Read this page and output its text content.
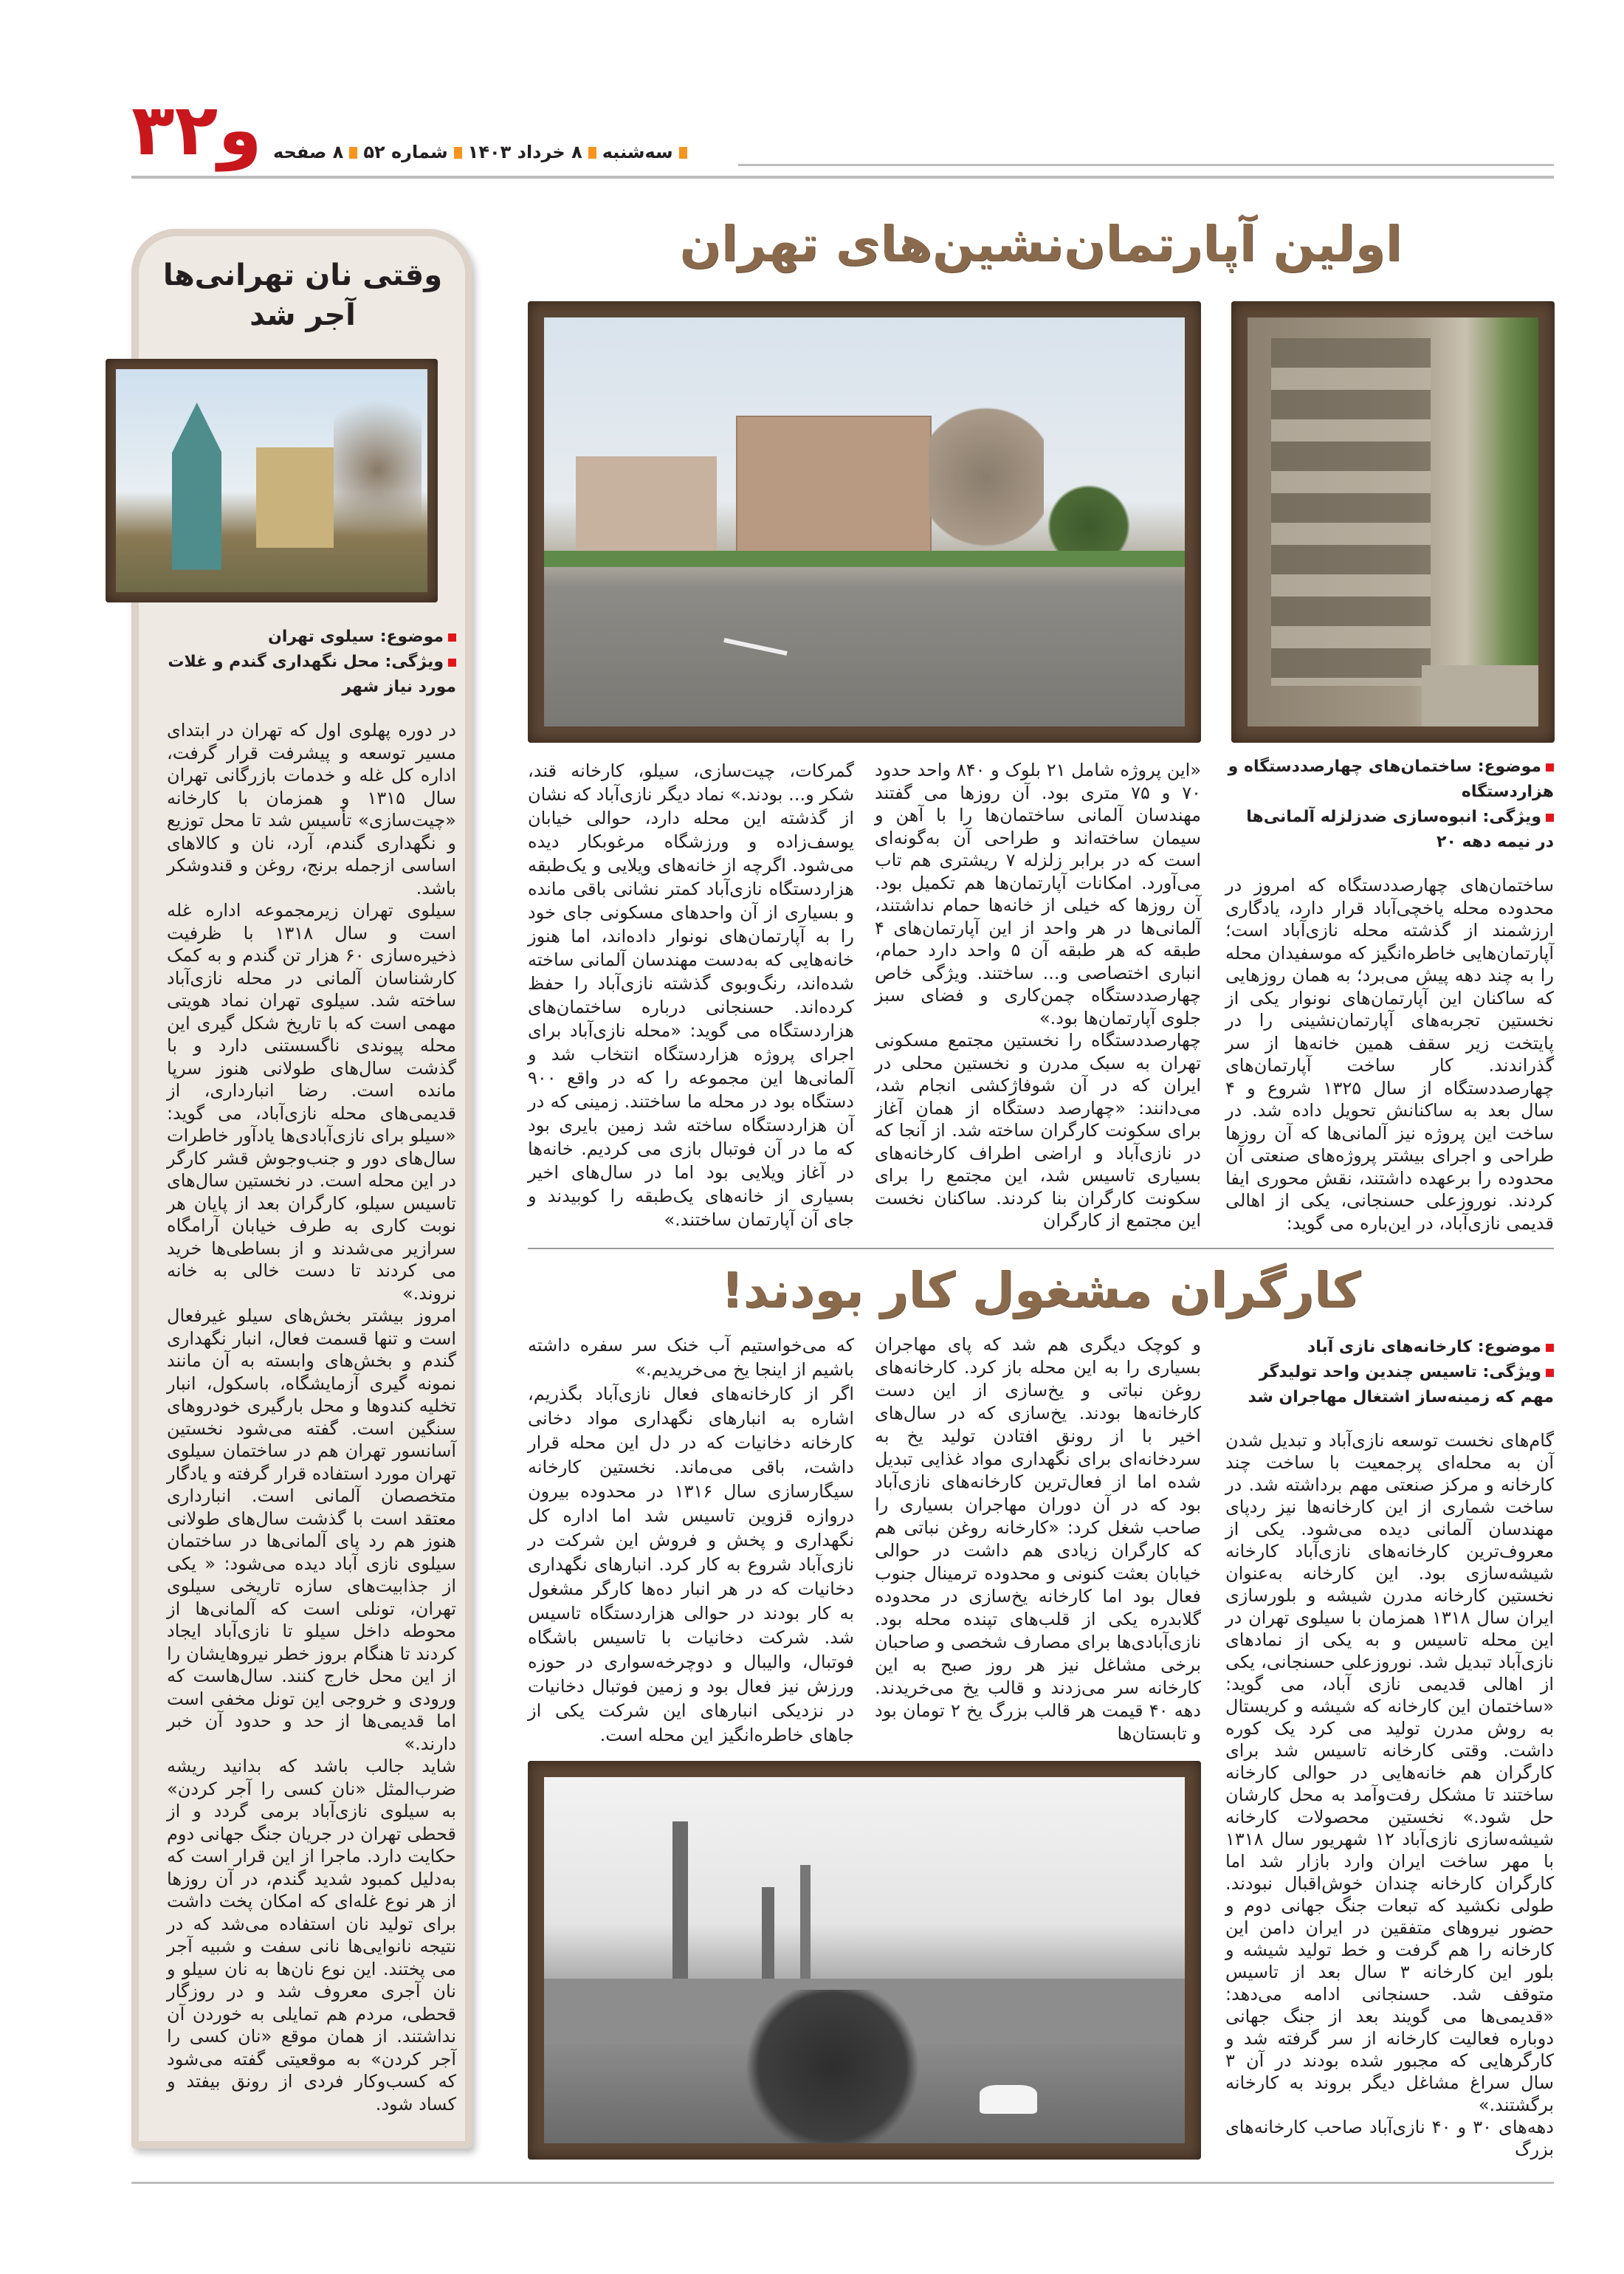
۳و۲	سه‌شنبه۸ خرداد ۱۴۰۳شماره ۵۲۸ صفحه
اولین آپارتمان‌نشین‌های تهران
موضوع: ساختمان‌های چهارصددستگاه و هزاردستگاه
ویژگی: انبوه‌سازی ضدزلزله آلمانی‌ها در نیمه دهه ۲۰

ساختمان‌های چهارصددستگاه که امروز در محدوده محله یاخچی‌آباد قرار دارد، یادگاری ارزشمند از گذشته محله نازی‌آباد است؛ آپارتمان‌هایی خاطره‌انگیز که موسفیدان محله را به چند دهه پیش می‌برد؛ به همان روزهایی که ساکنان این آپارتمان‌های نونوار یکی از نخستین تجربه‌های آپارتمان‌نشینی را در پایتخت زیر سقف همین خانه‌ها از سر گذراندند. کار ساخت آپارتمان‌های چهارصددستگاه از سال ۱۳۲۵ شروع و ۴ سال بعد به ساکنانش تحویل داده شد. در ساخت این پروژه نیز آلمانی‌ها که آن روزها طراحی و اجرای بیشتر پروژه‌های صنعتی آن محدوده را برعهده داشتند، نقش محوری ایفا کردند. نوروزعلی حسنجانی، یکی از اهالی قدیمی نازی‌آباد، در این‌باره می گوید:

«این پروژه شامل ۲۱ بلوک و ۸۴۰ واحد حدود ۷۰ و ۷۵ متری بود. آن روزها می گفتند مهندسان آلمانی ساختمان‌ها را با آهن و سیمان ساخته‌اند و طراحی آن به‌گونه‌ای است که در برابر زلزله ۷ ریشتری هم تاب می‌آورد. امکانات آپارتمان‌ها هم تکمیل بود. آن روزها که خیلی از خانه‌ها حمام نداشتند، آلمانی‌ها در هر واحد از این آپارتمان‌های ۴ طبقه که هر طبقه آن ۵ واحد دارد حمام، انباری اختصاصی و... ساختند. ویژگی خاص چهارصددستگاه چمن‌کاری و فضای سبز جلوی آپارتمان‌ها بود.»

چهارصددستگاه را نخستین مجتمع مسکونی تهران به سبک مدرن و نخستین محلی در ایران که در آن شوفاژکشی انجام شد، می‌دانند: «چهارصد دستگاه از همان آغاز برای سکونت کارگران ساخته شد. از آنجا که در نازی‌آباد و اراضی اطراف کارخانه‌های بسیاری تاسیس شد، این مجتمع را برای سکونت کارگران بنا کردند. ساکنان نخست این مجتمع از کارگران

گمرکات، چیت‌سازی، سیلو، کارخانه قند، شکر و... بودند.» نماد دیگر نازی‌آباد که نشان از گذشته این محله دارد، حوالی خیابان یوسف‌زاده و ورزشگاه مرغوبکار دیده می‌شود. اگرچه از خانه‌های ویلایی و یک‌طبقه هزاردستگاه نازی‌آباد کمتر نشانی باقی مانده و بسیاری از آن واحدهای مسکونی جای خود را به آپارتمان‌های نونوار داده‌اند، اما هنوز خانه‌هایی که به‌دست مهندسان آلمانی ساخته شده‌اند، رنگ‌وبوی گذشته نازی‌آباد را حفظ کرده‌اند. حسنجانی درباره ساختمان‌های هزاردستگاه می گوید: «محله نازی‌آباد برای اجرای پروژه هزاردستگاه انتخاب شد و آلمانی‌ها این مجموعه را که در واقع ۹۰۰ دستگاه بود در محله ما ساختند. زمینی که در آن هزاردستگاه ساخته شد زمین بایری بود که ما در آن فوتبال بازی می کردیم. خانه‌ها در آغاز ویلایی بود اما در سال‌های اخیر بسیاری از خانه‌های یک‌طبقه را کوبیدند و جای آن آپارتمان ساختند.»

کارگران مشغول کار بودند!
موضوع: کارخانه‌های نازی آباد
ویژگی: تاسیس چندین واحد تولیدگر مهم که زمینه‌ساز اشتغال مهاجران شد

گام‌های نخست توسعه نازی‌آباد و تبدیل شدن آن به محله‌ای پرجمعیت با ساخت چند کارخانه و مرکز صنعتی مهم برداشته شد. در ساخت شماری از این کارخانه‌ها نیز ردپای مهندسان آلمانی دیده می‌شود. یکی از معروف‌ترین کارخانه‌های نازی‌آباد کارخانه شیشه‌سازی بود. این کارخانه به‌عنوان نخستین کارخانه مدرن شیشه و بلورسازی ایران سال ۱۳۱۸ همزمان با سیلوی تهران در این محله تاسیس و به یکی از نمادهای نازی‌آباد تبدیل شد. نوروزعلی حسنجانی، یکی از اهالی قدیمی نازی آباد، می گوید: «ساختمان این کارخانه که شیشه و کریستال به روش مدرن تولید می کرد یک کوره داشت. وقتی کارخانه تاسیس شد برای کارگران هم خانه‌هایی در حوالی کارخانه ساختند تا مشکل رفت‌وآمد به محل کارشان حل شود.» نخستین محصولات کارخانه شیشه‌سازی نازی‌آباد ۱۲ شهریور سال ۱۳۱۸ با مهر ساخت ایران وارد بازار شد اما کارگران کارخانه چندان خوش‌اقبال نبودند. طولی نکشید که تبعات جنگ جهانی دوم و حضور نیروهای متفقین در ایران دامن این کارخانه را هم گرفت و خط تولید شیشه و بلور این کارخانه ۳ سال بعد از تاسیس متوقف شد. حسنجانی ادامه می‌دهد: «قدیمی‌ها می گویند بعد از جنگ جهانی دوباره فعالیت کارخانه از سر گرفته شد و کارگرهایی که مجبور شده بودند در آن ۳ سال سراغ مشاغل دیگر بروند به کارخانه برگشتند.»

دهه‌های ۳۰ و ۴۰ نازی‌آباد صاحب کارخانه‌های بزرگ

و کوچک دیگری هم شد که پای مهاجران بسیاری را به این محله باز کرد. کارخانه‌های روغن نباتی و یخ‌سازی از این دست کارخانه‌ها بودند. یخ‌سازی که در سال‌های اخیر با از رونق افتادن تولید یخ به سردخانه‌ای برای نگهداری مواد غذایی تبدیل شده اما از فعال‌ترین کارخانه‌های نازی‌آباد بود که در آن دوران مهاجران بسیاری را صاحب شغل کرد: «کارخانه روغن نباتی هم که کارگران زیادی هم داشت در حوالی خیابان بعثت کنونی و محدوده ترمینال جنوب فعال بود اما کارخانه یخ‌سازی در محدوده گلابدره یکی از قلب‌های تپنده محله بود. نازی‌آبادی‌ها برای مصارف شخصی و صاحبان برخی مشاغل نیز هر روز صبح به این کارخانه سر می‌زدند و قالب یخ می‌خریدند. دهه ۴۰ قیمت هر قالب بزرگ یخ ۲ تومان بود و تابستان‌ها

که می‌خواستیم آب خنک سر سفره داشته باشیم از اینجا یخ می‌خریدیم.»

اگر از کارخانه‌های فعال نازی‌آباد بگذریم، اشاره به انبارهای نگهداری مواد دخانی کارخانه دخانیات که در دل این محله قرار داشت، باقی می‌ماند. نخستین کارخانه سیگارسازی سال ۱۳۱۶ در محدوده بیرون دروازه قزوین تاسیس شد اما اداره کل نگهداری و پخش و فروش این شرکت در نازی‌آباد شروع به کار کرد. انبارهای نگهداری دخانیات که در هر انبار ده‌ها کارگر مشغول به کار بودند در حوالی هزاردستگاه تاسیس شد. شرکت دخانیات با تاسیس باشگاه فوتبال، والیبال و دوچرخه‌سواری در حوزه ورزش نیز فعال بود و زمین فوتبال دخانیات در نزدیکی انبارهای این شرکت یکی از جاهای خاطره‌انگیز این محله است.

وقتی نان تهرانی‌ها
آجر شد
موضوع: سیلوی تهران
ویژگی: محل نگهداری گندم و غلات مورد نیاز شهر

در دوره پهلوی اول که تهران در ابتدای مسیر توسعه و پیشرفت قرار گرفت، اداره کل غله و خدمات بازرگانی تهران سال ۱۳۱۵ و همزمان با کارخانه «چیت‌سازی» تأسیس شد تا محل توزیع و نگهداری گندم، آرد، نان و کالاهای اساسی ازجمله برنج، روغن و قندوشکر باشد.

سیلوی تهران زیرمجموعه اداره غله است و سال ۱۳۱۸ با ظرفیت ذخیره‌سازی ۶۰ هزار تن گندم و به کمک کارشناسان آلمانی در محله نازی‌آباد ساخته شد. سیلوی تهران نماد هویتی مهمی است که با تاریخ شکل گیری این محله پیوندی ناگسستنی دارد و با گذشت سال‌های طولانی هنوز سرپا مانده است. رضا انبارداری، از قدیمی‌های محله نازی‌آباد، می گوید: «سیلو برای نازی‌آبادی‌ها یادآور خاطرات سال‌های دور و جنب‌وجوش قشر کارگر در این محله است. در نخستین سال‌های تاسیس سیلو، کارگران بعد از پایان هر نوبت کاری به طرف خیابان آرامگاه سرازیر می‌شدند و از بساطی‌ها خرید می کردند تا دست خالی به خانه نروند.»

امروز بیشتر بخش‌های سیلو غیرفعال است و تنها قسمت فعال، انبار نگهداری گندم و بخش‌های وابسته به آن مانند نمونه گیری آزمایشگاه، باسکول، انبار تخلیه کندوها و محل بارگیری خودروهای سنگین است. گفته می‌شود نخستین آسانسور تهران هم در ساختمان سیلوی تهران مورد استفاده قرار گرفته و یادگار متخصصان آلمانی است. انبارداری معتقد است با گذشت سال‌های طولانی هنوز هم رد پای آلمانی‌ها در ساختمان سیلوی نازی آباد دیده می‌شود: « یکی از جذابیت‌های سازه تاریخی سیلوی تهران، تونلی است که آلمانی‌ها از محوطه داخل سیلو تا نازی‌آباد ایجاد کردند تا هنگام بروز خطر نیروهایشان را از این محل خارج کنند. سال‌هاست که ورودی و خروجی این تونل مخفی است اما قدیمی‌ها از حد و حدود آن خبر دارند.»

شاید جالب باشد که بدانید ریشه ضرب‌المثل «نان کسی را آجر کردن» به سیلوی نازی‌آباد برمی گردد و از قحطی تهران در جریان جنگ جهانی دوم حکایت دارد. ماجرا از این قرار است که به‌دلیل کمبود شدید گندم، در آن روزها از هر نوع غله‌ای که امکان پخت داشت برای تولید نان استفاده می‌شد که در نتیجه نانوایی‌ها نانی سفت و شبیه آجر می پختند. این نوع نان‌ها به نان سیلو و نان آجری معروف شد و در روزگار قحطی، مردم هم تمایلی به خوردن آن نداشتند. از همان موقع «نان کسی را آجر کردن» به موقعیتی گفته می‌شود که کسب‌وکار فردی از رونق بیفتد و کساد شود.
